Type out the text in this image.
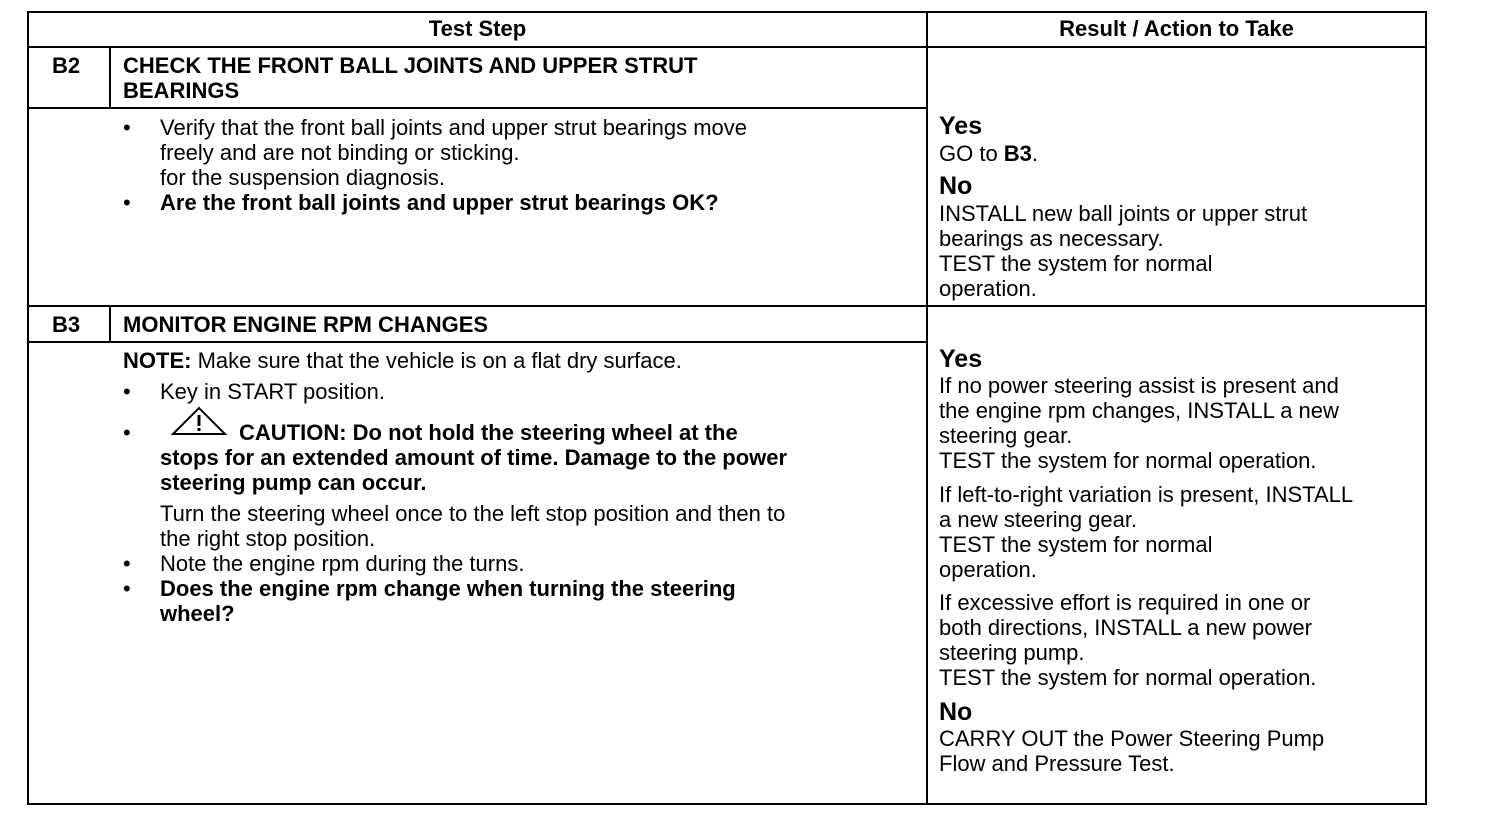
Test Step	Result / Action to Take
B2 CHECK THE FRONT BALL JOINTS AND UPPER STRUT
BEARINGS
• Verify that the front ball joints and upper strut bearings move
freely and are not binding or sticking.
for the suspension diagnosis.
• Are the front ball joints and upper strut bearings OK?
Yes
GO to B3.
No
INSTALL new ball joints or upper strut
bearings as necessary.
TEST the system for normal
operation.
B3 MONITOR ENGINE RPM CHANGES
NOTE: Make sure that the vehicle is on a flat dry surface.
• Key in START position.
•	CAUTION: Do not hold the steering wheel at the
stops for an extended amount of time. Damage to the power
steering pump can occur.
Turn the steering wheel once to the left stop position and then to
the right stop position.
• Note the engine rpm during the turns.
• Does the engine rpm change when turning the steering
wheel?
Yes
If no power steering assist is present and
the engine rpm changes, INSTALL a new
steering gear.
TEST the system for normal operation.
If left-to-right variation is present, INSTALL
a new steering gear.
TEST the system for normal
operation.
If excessive effort is required in one or
both directions, INSTALL a new power
steering pump.
TEST the system for normal operation.
No
CARRY OUT the Power Steering Pump
Flow and Pressure Test.
